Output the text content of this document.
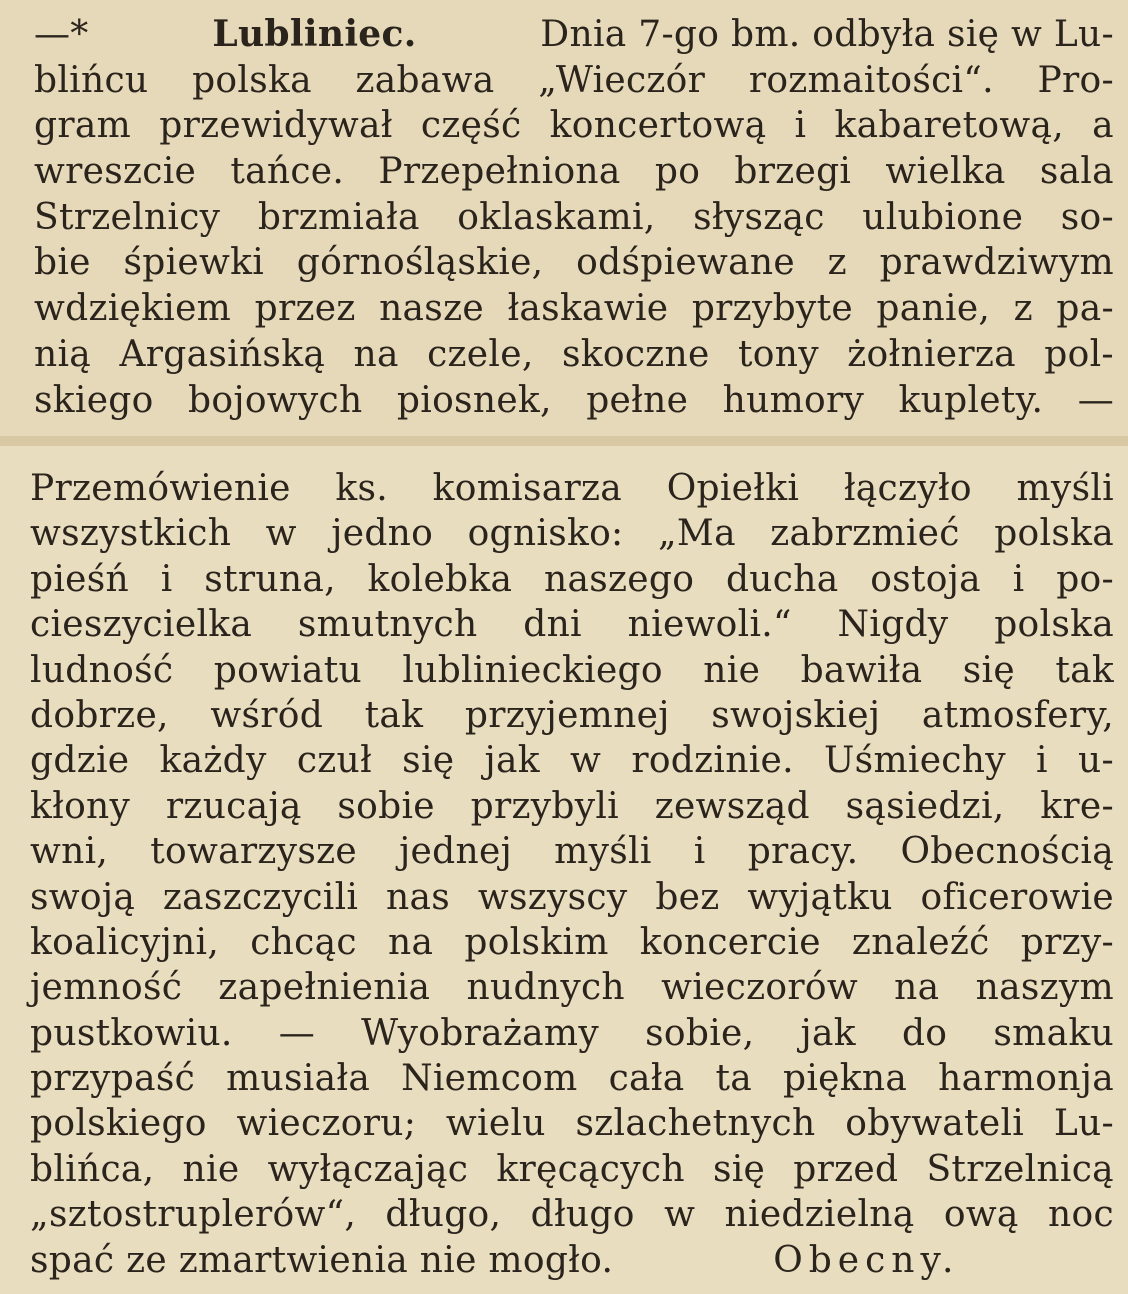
—*	Lubliniec.	Dnia 7-go bm. odbyła się w Lu-
blińcu polska zabawa „Wieczór rozmaitości“. Pro-
gram przewidywał część koncertową i kabaretową, a
wreszcie tańce. Przepełniona po brzegi wielka sala
Strzelnicy brzmiała oklaskami, słysząc ulubione so-
bie śpiewki górnośląskie, odśpiewane z prawdziwym
wdziękiem przez nasze łaskawie przybyte panie, z pa-
nią Argasińską na czele, skoczne tony żołnierza pol-
skiego bojowych piosnek, pełne humory kuplety. —
Przemówienie ks. komisarza Opiełki łączyło myśli
wszystkich w jedno ognisko: „Ma zabrzmieć polska
pieśń i struna, kolebka naszego ducha ostoja i po-
cieszycielka smutnych dni niewoli.“ Nigdy polska
ludność powiatu lublinieckiego nie bawiła się tak
dobrze, wśród tak przyjemnej swojskiej atmosfery,
gdzie każdy czuł się jak w rodzinie. Uśmiechy i u-
kłony rzucają sobie przybyli zewsząd sąsiedzi, kre-
wni, towarzysze jednej myśli i pracy. Obecnością
swoją zaszczycili nas wszyscy bez wyjątku oficerowie
koalicyjni, chcąc na polskim koncercie znaleźć przy-
jemność zapełnienia nudnych wieczorów na naszym
pustkowiu. — Wyobrażamy sobie, jak do smaku
przypaść musiała Niemcom cała ta piękna harmonja
polskiego wieczoru; wielu szlachetnych obywateli Lu-
blińca, nie wyłączając kręcących się przed Strzelnicą
„sztostruplerów“, długo, długo w niedzielną ową noc
spać ze zmartwienia nie mogło.	Obecny.
